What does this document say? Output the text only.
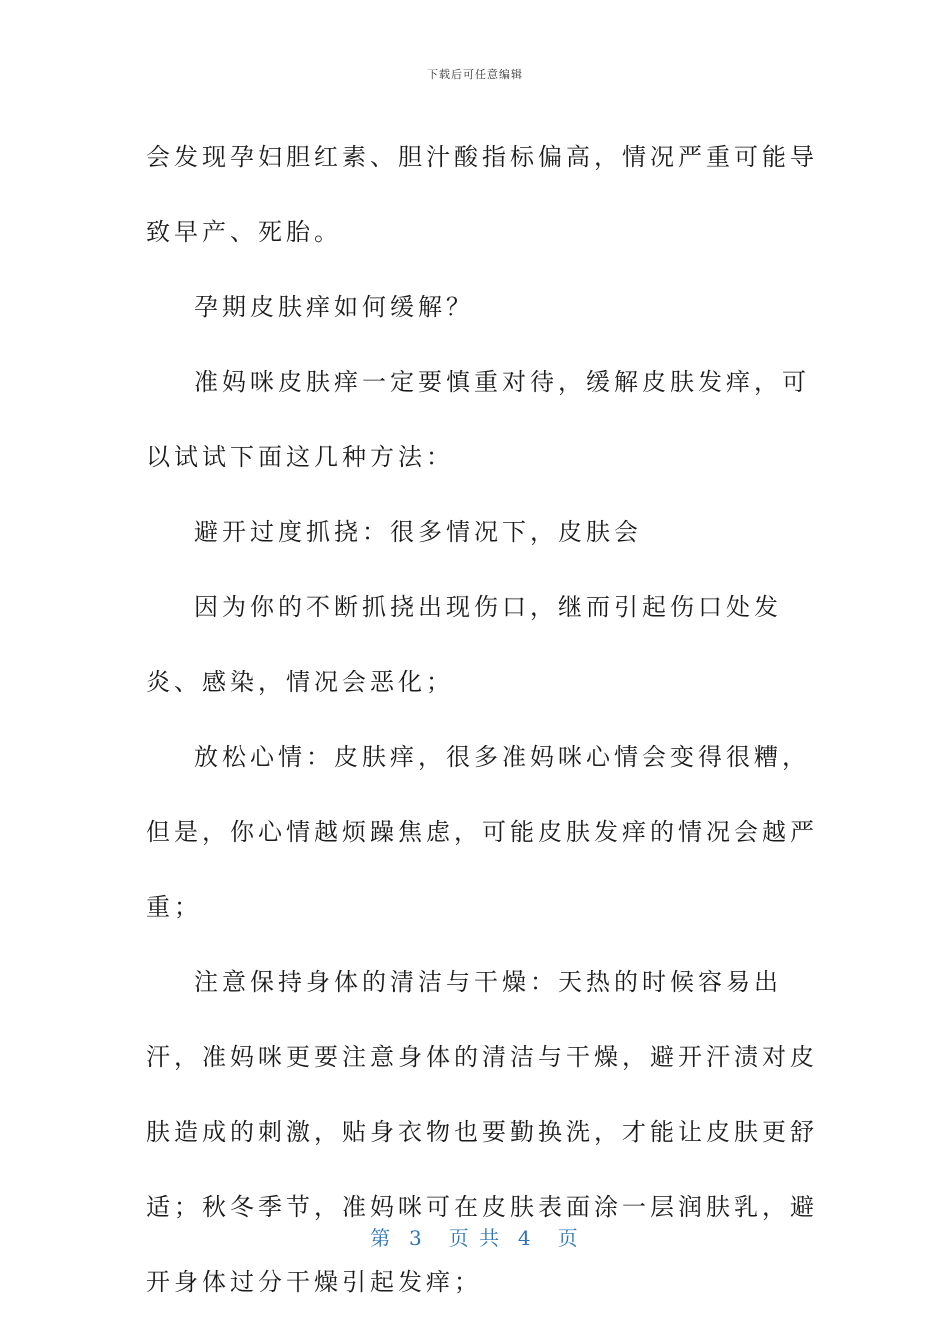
下载后可任意编辑

会发现孕妇胆红素、胆汁酸指标偏高，情况严重可能导致早产、死胎。

孕期皮肤痒如何缓解？

准妈咪皮肤痒一定要慎重对待，缓解皮肤发痒，可以试试下面这几种方法：

避开过度抓挠：很多情况下，皮肤会

因为你的不断抓挠出现伤口，继而引起伤口处发炎、感染，情况会恶化；

放松心情：皮肤痒，很多准妈咪心情会变得很糟，但是，你心情越烦躁焦虑，可能皮肤发痒的情况会越严重；

注意保持身体的清洁与干燥：天热的时候容易出汗，准妈咪更要注意身体的清洁与干燥，避开汗渍对皮肤造成的刺激，贴身衣物也要勤换洗，才能让皮肤更舒适；秋冬季节，准妈咪可在皮肤表面涂一层润肤乳，避开身体过分干燥引起发痒；

第  3   页 共  4   页
